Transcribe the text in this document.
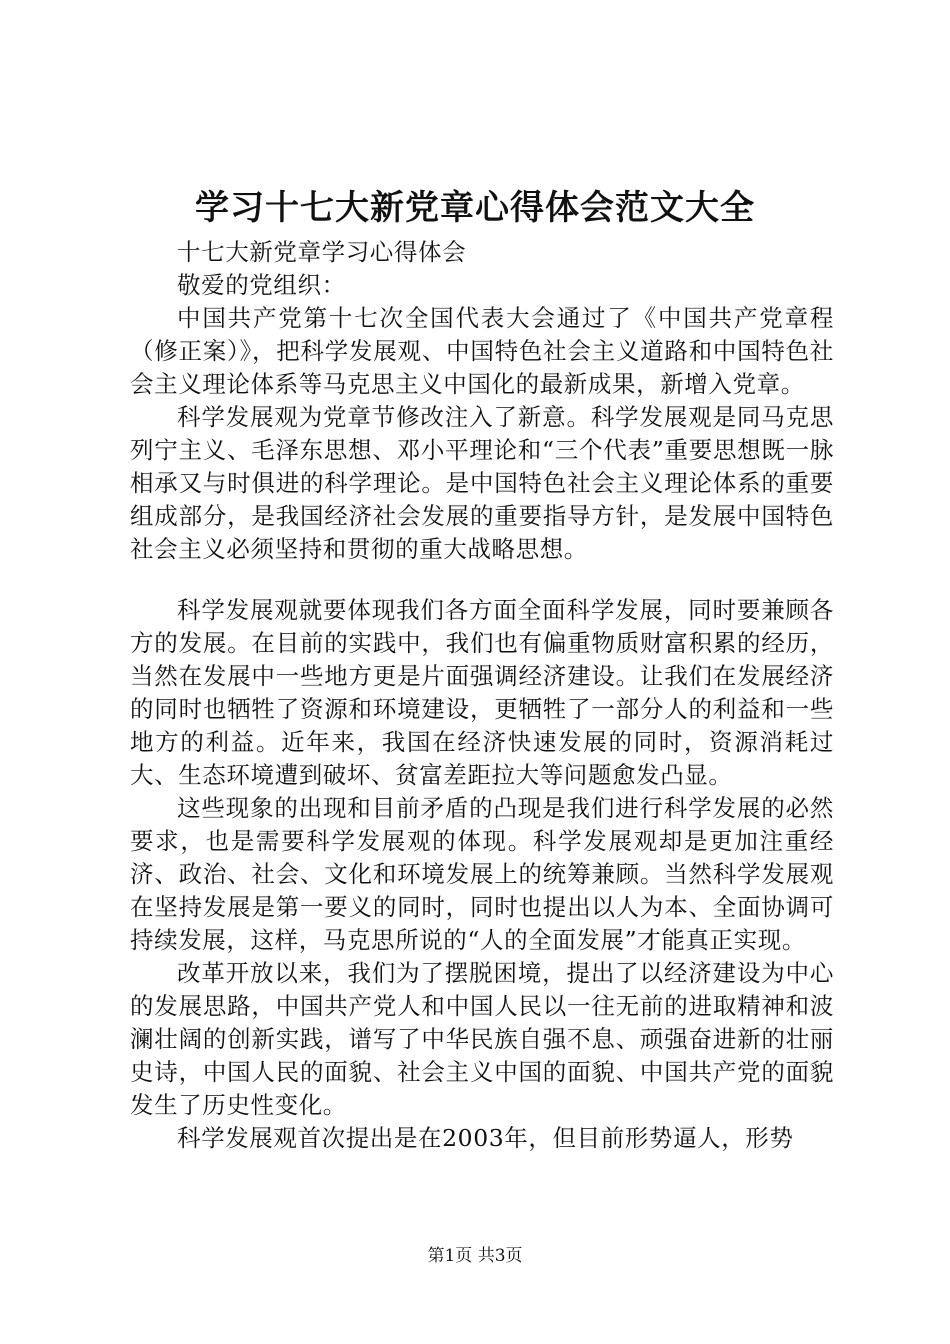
学习十七大新党章心得体会范文大全

十七大新党章学习心得体会

敬爱的党组织：

中国共产党第十七次全国代表大会通过了《中国共产党章程（修正案）》，把科学发展观、中国特色社会主义道路和中国特色社会主义理论体系等马克思主义中国化的最新成果，新增入党章。

科学发展观为党章节修改注入了新意。科学发展观是同马克思列宁主义、毛泽东思想、邓小平理论和“三个代表”重要思想既一脉相承又与时俱进的科学理论。是中国特色社会主义理论体系的重要组成部分，是我国经济社会发展的重要指导方针，是发展中国特色社会主义必须坚持和贯彻的重大战略思想。

科学发展观就要体现我们各方面全面科学发展，同时要兼顾各方的发展。在目前的实践中，我们也有偏重物质财富积累的经历，当然在发展中一些地方更是片面强调经济建设。让我们在发展经济的同时也牺牲了资源和环境建设，更牺牲了一部分人的利益和一些地方的利益。近年来，我国在经济快速发展的同时，资源消耗过大、生态环境遭到破坏、贫富差距拉大等问题愈发凸显。

这些现象的出现和目前矛盾的凸现是我们进行科学发展的必然要求，也是需要科学发展观的体现。科学发展观却是更加注重经济、政治、社会、文化和环境发展上的统筹兼顾。当然科学发展观在坚持发展是第一要义的同时，同时也提出以人为本、全面协调可持续发展，这样，马克思所说的“人的全面发展”才能真正实现。

改革开放以来，我们为了摆脱困境，提出了以经济建设为中心的发展思路，中国共产党人和中国人民以一往无前的进取精神和波澜壮阔的创新实践，谱写了中华民族自强不息、顽强奋进新的壮丽史诗，中国人民的面貌、社会主义中国的面貌、中国共产党的面貌发生了历史性变化。

科学发展观首次提出是在2003年，但目前形势逼人，形势

第1页 共3页
